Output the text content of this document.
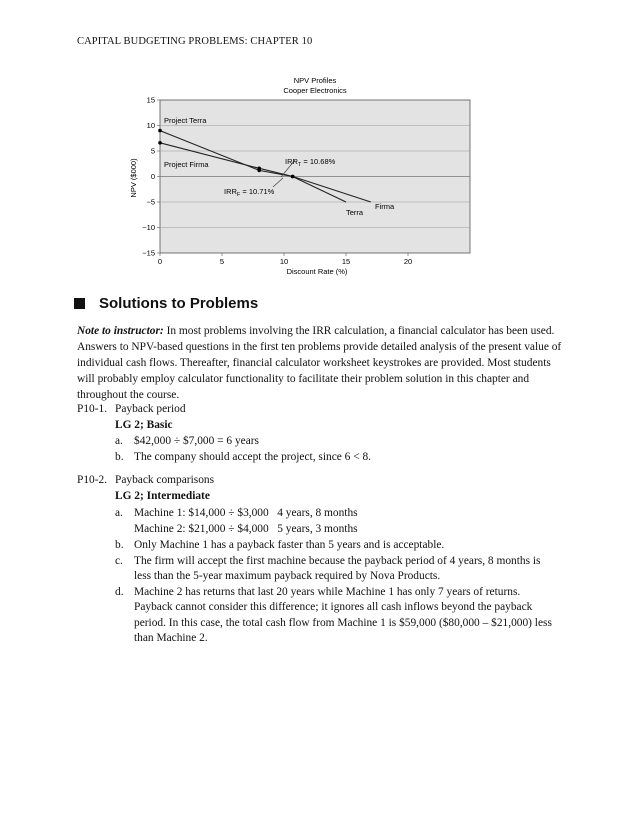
CAPITAL BUDGETING PROBLEMS: CHAPTER 10
15
10
5
0
−5
−10
−15
0	5	10	15	20
NPV Profiles
Cooper Electronics
Discount Rate (%)
NPV ($000)
Project Terra
Project Firma
Terra
Firma
$IRR_T = 10.68\%$
$IRR_F = 10.71\%$
Solutions to Problems
Note to instructor: In most problems involving the IRR calculation, a financial calculator has been used. Answers to NPV-based questions in the first ten problems provide detailed analysis of the present value of individual cash flows. Thereafter, financial calculator worksheet keystrokes are provided. Most students will probably employ calculator functionality to facilitate their problem solution in this chapter and throughout the course.
P10-1. Payback period
LG 2; Basic
a. $42,000 ÷ $7,000 = 6 years
b. The company should accept the project, since 6 < 8.
P10-2. Payback comparisons
LG 2; Intermediate
a. Machine 1: $14,000 ÷ $3,000   4 years, 8 months
Machine 2: $21,000 ÷ $4,000   5 years, 3 months
b. Only Machine 1 has a payback faster than 5 years and is acceptable.
c. The firm will accept the first machine because the payback period of 4 years, 8 months is
less than the 5-year maximum payback required by Nova Products.
d. Machine 2 has returns that last 20 years while Machine 1 has only 7 years of returns.
Payback cannot consider this difference; it ignores all cash inflows beyond the payback
period. In this case, the total cash flow from Machine 1 is $59,000 ($80,000 – $21,000) less
than Machine 2.
